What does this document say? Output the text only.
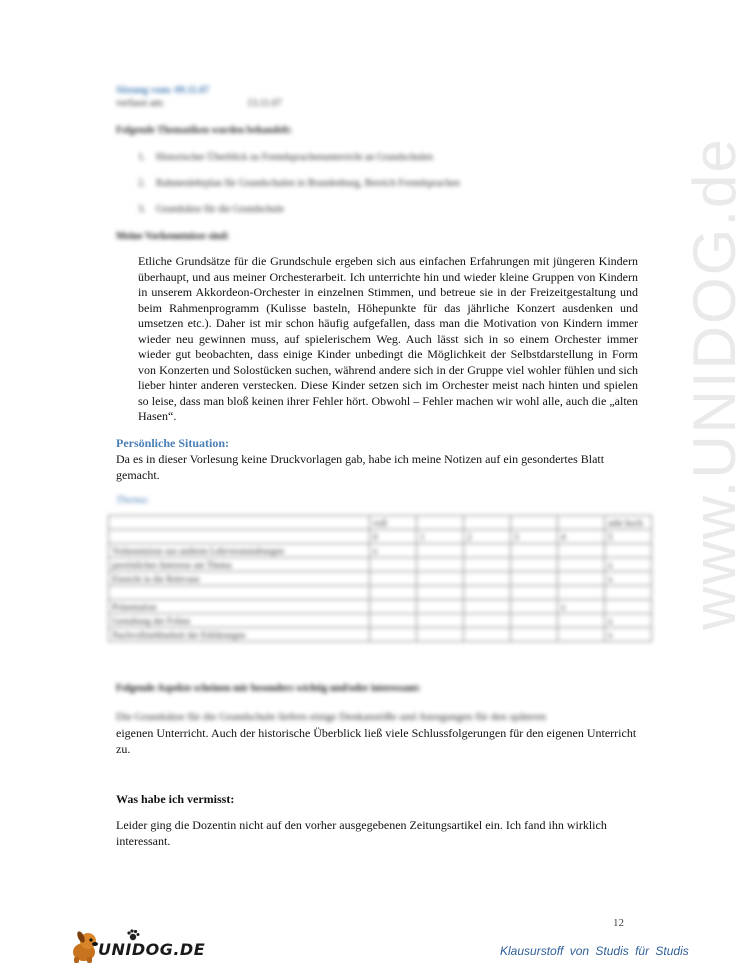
www.UNIDOG.de
Sitzung vom: 09.11.07
verfasst am:	13.11.07
Folgende Thematiken wurden behandelt:
1. Historischer Überblick zu Fremdsprachenunterricht an Grundschulen
2. Rahmenlehrplan für Grundschulen in Brandenburg, Bereich Fremdsprachen
3. Grundsätze für die Grundschule
Meine Vorkenntnisse sind:
Etliche Grundsätze für die Grundschule ergeben sich aus einfachen Erfahrungen mit jüngeren Kindern überhaupt, und aus meiner Orchesterarbeit. Ich unterrichte hin und wieder kleine Gruppen von Kindern in unserem Akkordeon-Orchester in einzelnen Stimmen, und betreue sie in der Freizeitgestaltung und beim Rahmenprogramm (Kulisse basteln, Höhepunkte für das jährliche Konzert ausdenken und umsetzen etc.). Daher ist mir schon häufig aufgefallen, dass man die Motivation von Kindern immer wieder neu gewinnen muss, auf spielerischem Weg. Auch lässt sich in so einem Orchester immer wieder gut beobachten, dass einige Kinder unbedingt die Möglichkeit der Selbstdarstellung in Form von Konzerten und Solostücken suchen, während andere sich in der Gruppe viel wohler fühlen und sich lieber hinter anderen verstecken. Diese Kinder setzen sich im Orchester meist nach hinten und spielen so leise, dass man bloß keinen ihrer Fehler hört. Obwohl – Fehler machen wir wohl alle, auch die „alten Hasen“.
Persönliche Situation:
Da es in dieser Vorlesung keine Druckvorlagen gab, habe ich meine Notizen auf ein gesondertes Blatt gemacht.
Thema:
	voll					sehr hoch
	0	1	2	3	4	5
Vorkenntnisse aus anderen Lehrveranstaltungen	x					
persönliches Interesse am Thema						x
Einsicht in die Relevanz						x

Präsentation					x	
Gestaltung der Folien						x
Nachvollziehbarkeit der Erklärungen						x
Folgende Aspekte scheinen mir besonders wichtig und/oder interessant:
Die Grundsätze für die Grundschule liefern einige Denkanstöße und Anregungen für den späteren
eigenen Unterricht. Auch der historische Überblick ließ viele Schlussfolgerungen für den eigenen Unterricht zu.
Was habe ich vermisst:
Leider ging die Dozentin nicht auf den vorher ausgegebenen Zeitungsartikel ein. Ich fand ihn wirklich interessant.
12
UNIDOG.DE	Klausurstoff von Studis für Studis
